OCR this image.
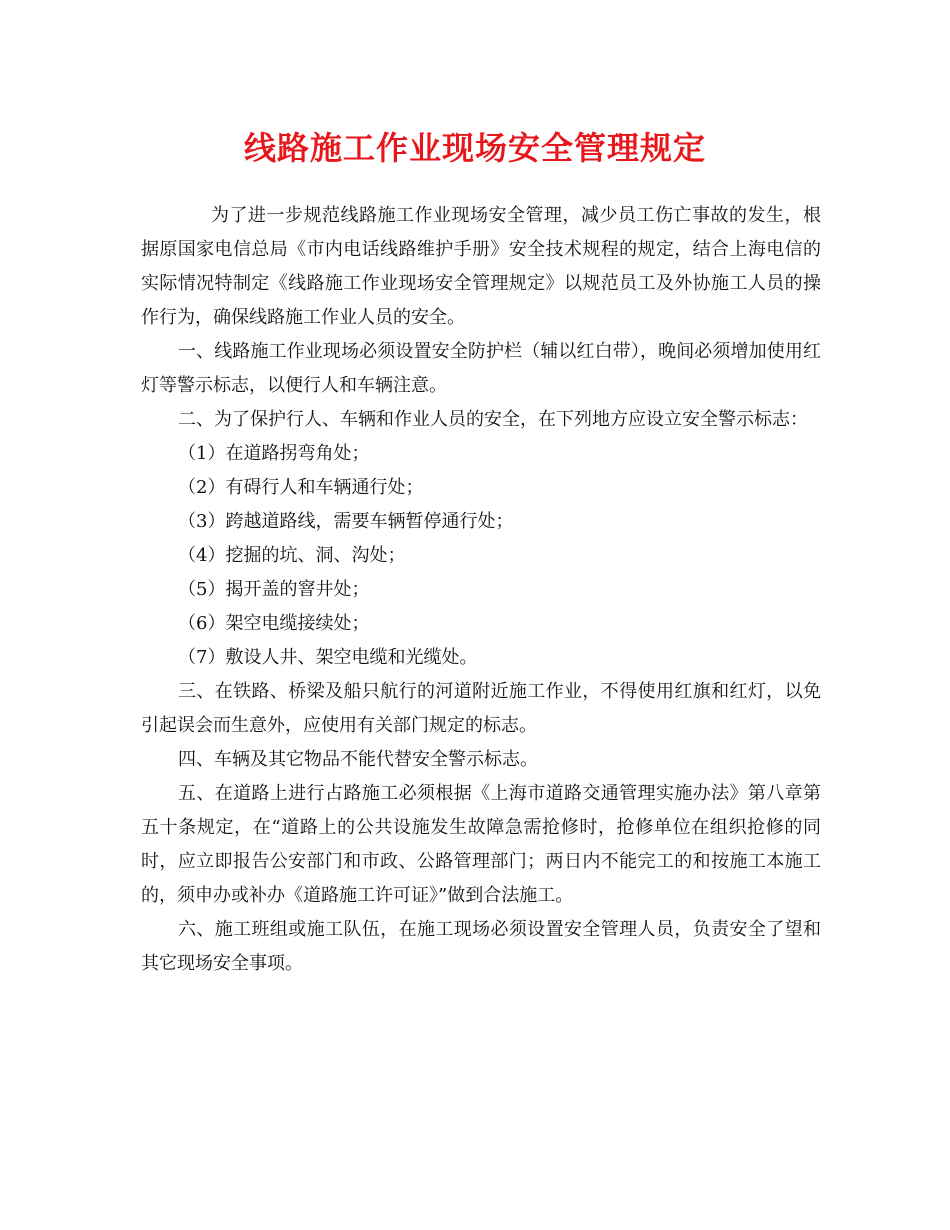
线路施工作业现场安全管理规定

为了进一步规范线路施工作业现场安全管理，减少员工伤亡事故的发生，根据原国家电信总局《市内电话线路维护手册》安全技术规程的规定，结合上海电信的实际情况特制定《线路施工作业现场安全管理规定》以规范员工及外协施工人员的操作行为，确保线路施工作业人员的安全。

一、线路施工作业现场必须设置安全防护栏（辅以红白带），晚间必须增加使用红灯等警示标志，以便行人和车辆注意。

二、为了保护行人、车辆和作业人员的安全，在下列地方应设立安全警示标志：

（1）在道路拐弯角处；

（2）有碍行人和车辆通行处；

（3）跨越道路线，需要车辆暂停通行处；

（4）挖掘的坑、洞、沟处；

（5）揭开盖的窨井处；

（6）架空电缆接续处；

（7）敷设人井、架空电缆和光缆处。

三、在铁路、桥梁及船只航行的河道附近施工作业，不得使用红旗和红灯，以免引起误会而生意外，应使用有关部门规定的标志。

四、车辆及其它物品不能代替安全警示标志。

五、在道路上进行占路施工必须根据《上海市道路交通管理实施办法》第八章第五十条规定，在“道路上的公共设施发生故障急需抢修时，抢修单位在组织抢修的同时，应立即报告公安部门和市政、公路管理部门；两日内不能完工的和按施工本施工的，须申办或补办《道路施工许可证》”做到合法施工。

六、施工班组或施工队伍，在施工现场必须设置安全管理人员，负责安全了望和其它现场安全事项。
